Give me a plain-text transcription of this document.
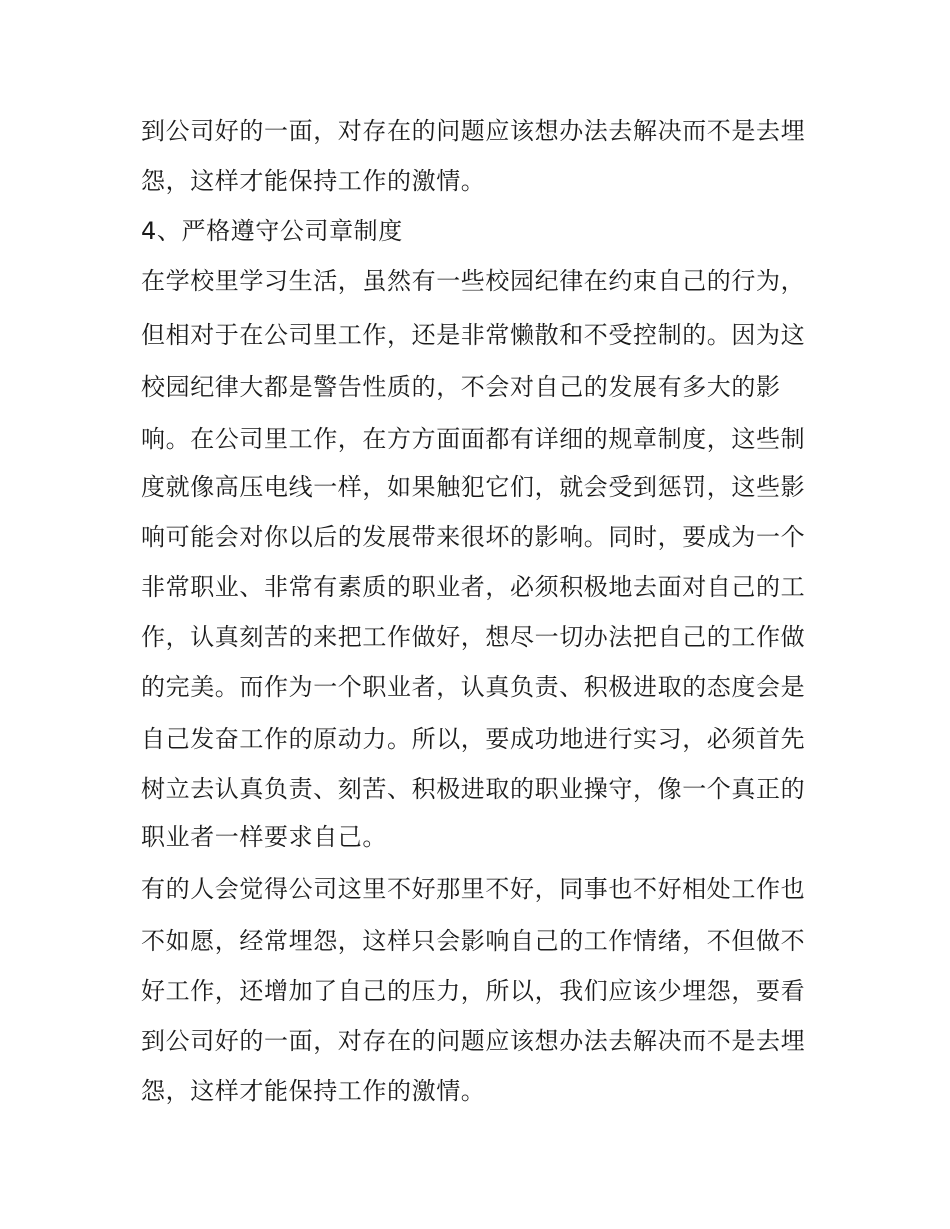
到公司好的一面，对存在的问题应该想办法去解决而不是去埋
怨，这样才能保持工作的激情。
4、严格遵守公司章制度
在学校里学习生活，虽然有一些校园纪律在约束自己的行为，
但相对于在公司里工作，还是非常懒散和不受控制的。因为这
校园纪律大都是警告性质的，不会对自己的发展有多大的影
响。在公司里工作，在方方面面都有详细的规章制度，这些制
度就像高压电线一样，如果触犯它们，就会受到惩罚，这些影
响可能会对你以后的发展带来很坏的影响。同时，要成为一个
非常职业、非常有素质的职业者，必须积极地去面对自己的工
作，认真刻苦的来把工作做好，想尽一切办法把自己的工作做
的完美。而作为一个职业者，认真负责、积极进取的态度会是
自己发奋工作的原动力。所以，要成功地进行实习，必须首先
树立去认真负责、刻苦、积极进取的职业操守，像一个真正的
职业者一样要求自己。
有的人会觉得公司这里不好那里不好，同事也不好相处工作也
不如愿，经常埋怨，这样只会影响自己的工作情绪，不但做不
好工作，还增加了自己的压力，所以，我们应该少埋怨，要看
到公司好的一面，对存在的问题应该想办法去解决而不是去埋
怨，这样才能保持工作的激情。
